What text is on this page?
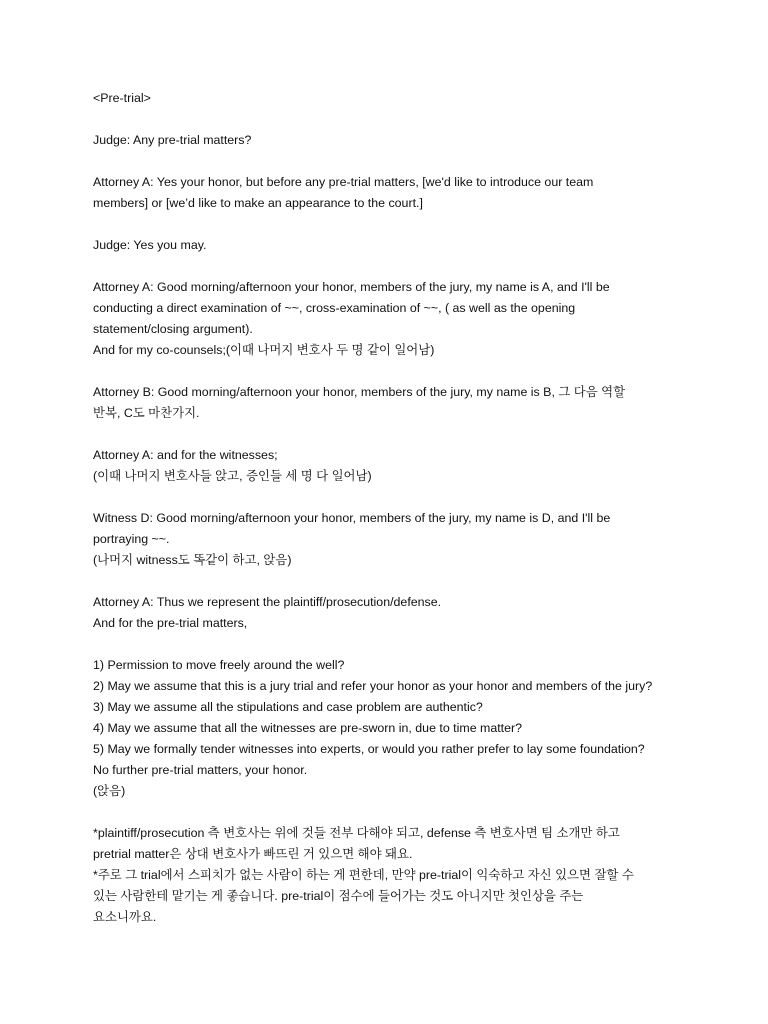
<Pre-trial>
Judge: Any pre-trial matters?
Attorney A: Yes your honor, but before any pre-trial matters, [we'd like to introduce our team
members] or [we’d like to make an appearance to the court.]
Judge: Yes you may.
Attorney A: Good morning/afternoon your honor, members of the jury, my name is A, and I'll be
conducting a direct examination of ~~, cross-examination of ~~, ( as well as the opening
statement/closing argument).
And for my co-counsels;(이때 나머지 변호사 두 명 같이 일어남)
Attorney B: Good morning/afternoon your honor, members of the jury, my name is B, 그 다음 역할
반복, C도 마찬가지.
Attorney A: and for the witnesses;
(이때 나머지 변호사들 앉고, 증인들 세 명 다 일어남)
Witness D: Good morning/afternoon your honor, members of the jury, my name is D, and I'll be
portraying ~~.
(나머지 witness도 똑같이 하고, 앉음)
Attorney A: Thus we represent the plaintiff/prosecution/defense.
And for the pre-trial matters,
1) Permission to move freely around the well?
2) May we assume that this is a jury trial and refer your honor as your honor and members of the jury?
3) May we assume all the stipulations and case problem are authentic?
4) May we assume that all the witnesses are pre-sworn in, due to time matter?
5) May we formally tender witnesses into experts, or would you rather prefer to lay some foundation?
No further pre-trial matters, your honor.
(앉음)
*plaintiff/prosecution 측 변호사는 위에 것들 전부 다해야 되고, defense 측 변호사면 팀 소개만 하고
pretrial matter은 상대 변호사가 빠뜨린 거 있으면 해야 돼요.
*주로 그 trial에서 스피치가 없는 사람이 하는 게 편한데, 만약 pre-trial이 익숙하고 자신 있으면 잘할 수
있는 사람한테 맡기는 게 좋습니다. pre-trial이 점수에 들어가는 것도 아니지만 첫인상을 주는
요소니까요.
